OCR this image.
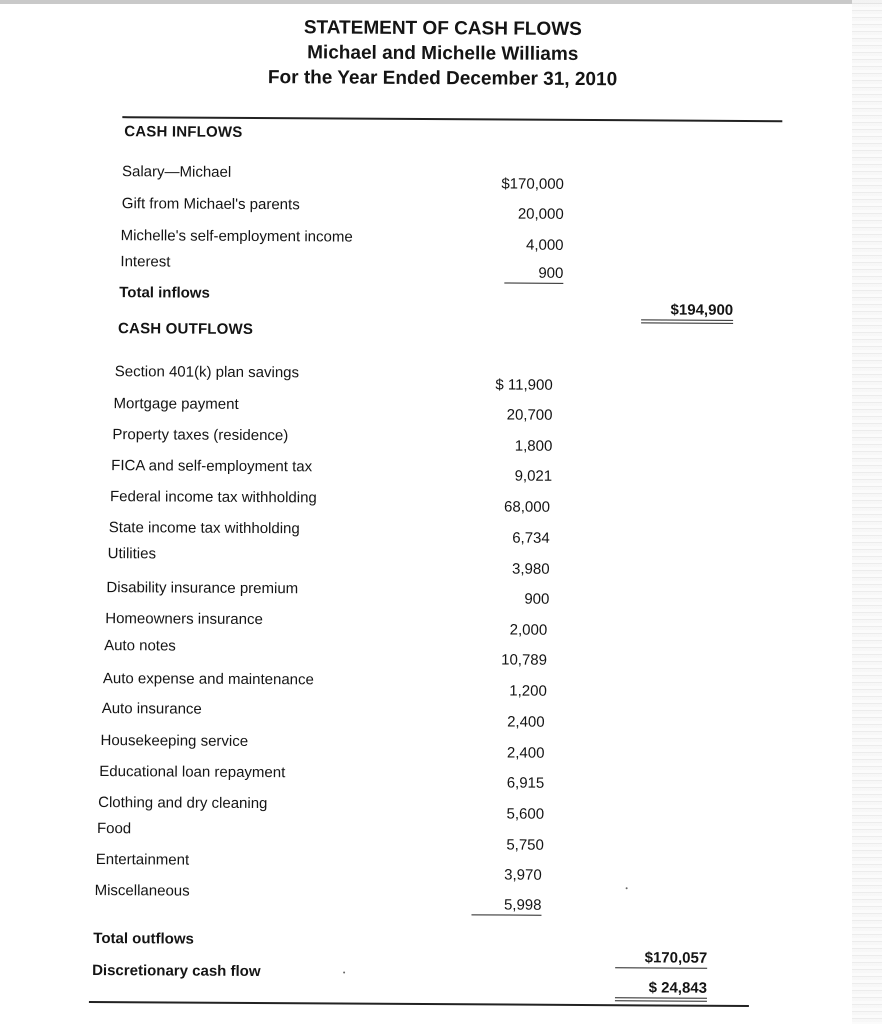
STATEMENT OF CASH FLOWS
Michael and Michelle Williams
For the Year Ended December 31, 2010
CASH INFLOWS
Salary—Michael
$170,000
Gift from Michael's parents
20,000
Michelle's self-employment income	4,000
Interest
900
Total inflows
$194,900
CASH OUTFLOWS
Section 401(k) plan savings
$ 11,900
Mortgage payment
20,700
Property taxes (residence)
1,800
FICA and self-employment tax
9,021
Federal income tax withholding
68,000
State income tax withholding
6,734
Utilities
3,980
Disability insurance premium
900
Homeowners insurance
2,000
Auto notes
10,789
Auto expense and maintenance
1,200
Auto insurance
2,400
Housekeeping service
2,400
Educational loan repayment
6,915
Clothing and dry cleaning
5,600
Food
5,750
Entertainment
3,970
Miscellaneous
5,998
Total outflows
$170,057
Discretionary cash flow
$ 24,843
